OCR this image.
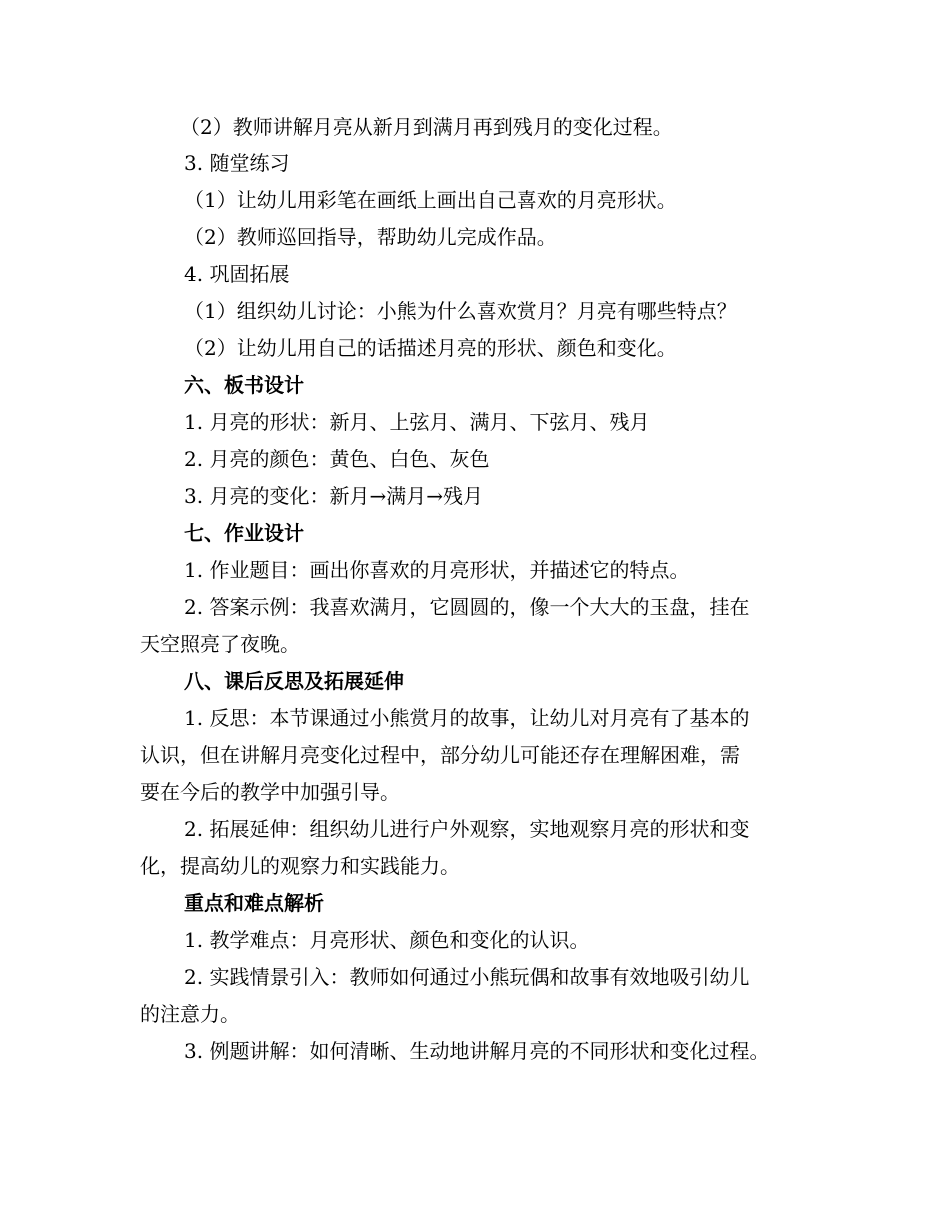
（2）教师讲解月亮从新月到满月再到残月的变化过程。
3. 随堂练习
（1）让幼儿用彩笔在画纸上画出自己喜欢的月亮形状。
（2）教师巡回指导，帮助幼儿完成作品。
4. 巩固拓展
（1）组织幼儿讨论：小熊为什么喜欢赏月？月亮有哪些特点？
（2）让幼儿用自己的话描述月亮的形状、颜色和变化。
六、板书设计
1. 月亮的形状：新月、上弦月、满月、下弦月、残月
2. 月亮的颜色：黄色、白色、灰色
3. 月亮的变化：新月→满月→残月
七、作业设计
1. 作业题目：画出你喜欢的月亮形状，并描述它的特点。
2. 答案示例：我喜欢满月，它圆圆的，像一个大大的玉盘，挂在
天空照亮了夜晚。
八、课后反思及拓展延伸
1. 反思：本节课通过小熊赏月的故事，让幼儿对月亮有了基本的
认识，但在讲解月亮变化过程中，部分幼儿可能还存在理解困难，需
要在今后的教学中加强引导。
2. 拓展延伸：组织幼儿进行户外观察，实地观察月亮的形状和变
化，提高幼儿的观察力和实践能力。
重点和难点解析
1. 教学难点：月亮形状、颜色和变化的认识。
2. 实践情景引入：教师如何通过小熊玩偶和故事有效地吸引幼儿
的注意力。
3. 例题讲解：如何清晰、生动地讲解月亮的不同形状和变化过程。
